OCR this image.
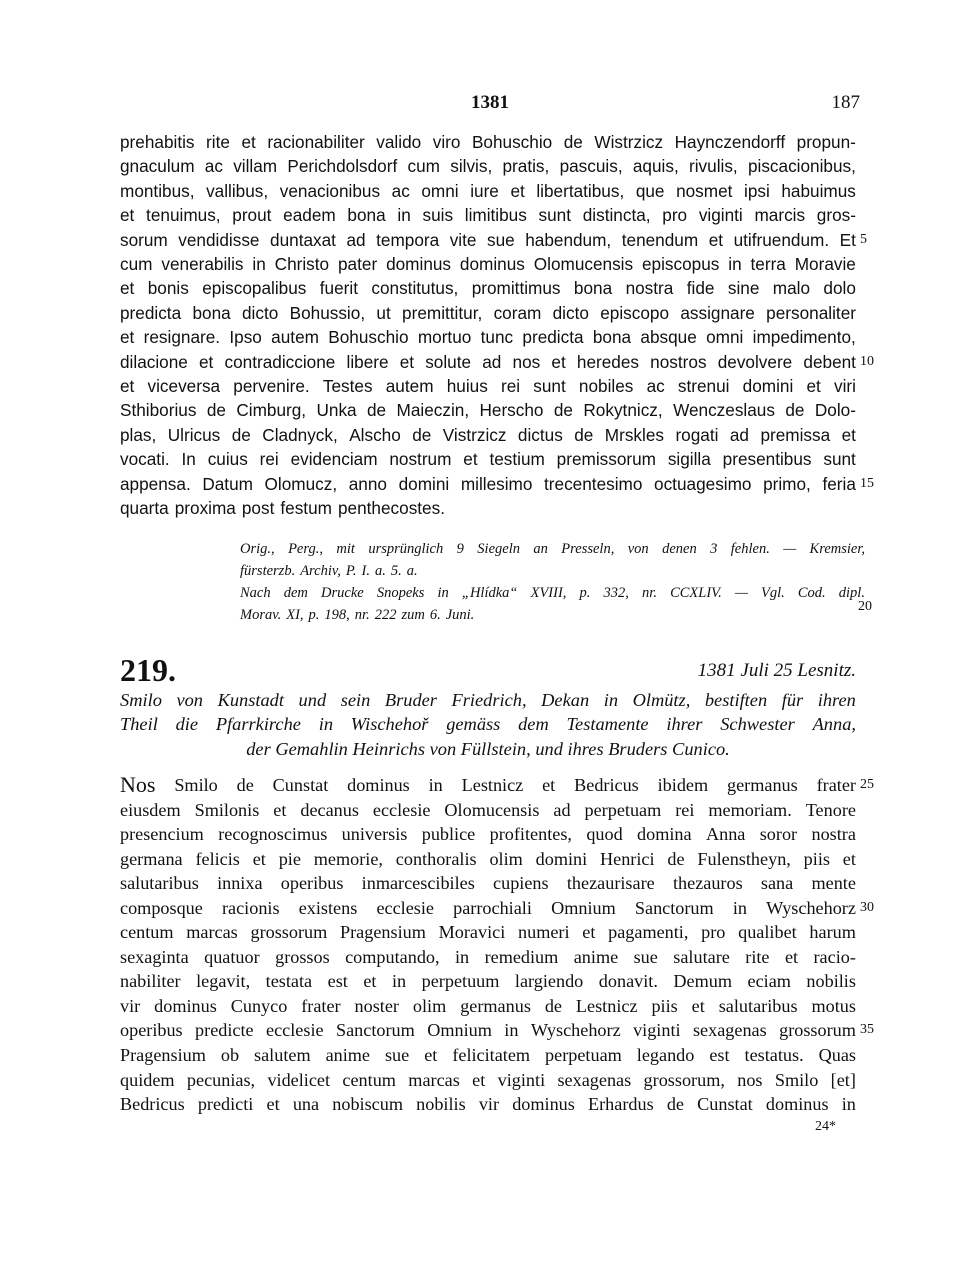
1381	187
prehabitis rite et racionabiliter valido viro Bohuschio de Wistrzicz Haynczendorff propun-
gnaculum ac villam Perichdolsdorf cum silvis, pratis, pascuis, aquis, rivulis, piscacionibus,
montibus, vallibus, venacionibus ac omni iure et libertatibus, que nosmet ipsi habuimus
et tenuimus, prout eadem bona in suis limitibus sunt distincta, pro viginti marcis gros-
sorum vendidisse duntaxat ad tempora vite sue habendum, tenendum et utifruendum. Et 5
cum venerabilis in Christo pater dominus dominus Olomucensis episcopus in terra Moravie
et bonis episcopalibus fuerit constitutus, promittimus bona nostra fide sine malo dolo
predicta bona dicto Bohussio, ut premittitur, coram dicto episcopo assignare personaliter
et resignare. Ipso autem Bohuschio mortuo tunc predicta bona absque omni impedimento,
dilacione et contradiccione libere et solute ad nos et heredes nostros devolvere debent 10
et viceversa pervenire. Testes autem huius rei sunt nobiles ac strenui domini et viri
Sthiborius de Cimburg, Unka de Maieczin, Herscho de Rokytnicz, Wenczeslaus de Dolo-
plas, Ulricus de Cladnyck, Alscho de Vistrzicz dictus de Mrskles rogati ad premissa et
vocati. In cuius rei evidenciam nostrum et testium premissorum sigilla presentibus sunt
appensa. Datum Olomucz, anno domini millesimo trecentesimo octuagesimo primo, feria 15
quarta proxima post festum penthecostes.
Orig., Perg., mit ursprünglich 9 Siegeln an Presseln, von denen 3 fehlen. — Kremsier,
fürsterzb. Archiv, P. I. a. 5. a.
Nach dem Drucke Snopeks in „Hlídka“ XVIII, p. 332, nr. CCXLIV. — Vgl. Cod. dipl.
Morav. XI, p. 198, nr. 222 zum 6. Juni.
20
219.	1381 Juli 25 Lesnitz.
Smilo von Kunstadt und sein Bruder Friedrich, Dekan in Olmütz, bestiften für ihren
Theil die Pfarrkirche in Wischehoř gemäss dem Testamente ihrer Schwester Anna,
der Gemahlin Heinrichs von Füllstein, und ihres Bruders Cunico.
Nos Smilo de Cunstat dominus in Lestnicz et Bedricus ibidem germanus frater 25
eiusdem Smilonis et decanus ecclesie Olomucensis ad perpetuam rei memoriam. Tenore
presencium recognoscimus universis publice profitentes, quod domina Anna soror nostra
germana felicis et pie memorie, conthoralis olim domini Henrici de Fulenstheyn, piis et
salutaribus innixa operibus inmarcescibiles cupiens thezaurisare thezauros sana mente
composque racionis existens ecclesie parrochiali Omnium Sanctorum in Wyschehorz 30
centum marcas grossorum Pragensium Moravici numeri et pagamenti, pro qualibet harum
sexaginta quatuor grossos computando, in remedium anime sue salutare rite et racio-
nabiliter legavit, testata est et in perpetuum largiendo donavit. Demum eciam nobilis
vir dominus Cunyco frater noster olim germanus de Lestnicz piis et salutaribus motus
operibus predicte ecclesie Sanctorum Omnium in Wyschehorz viginti sexagenas grossorum 35
Pragensium ob salutem anime sue et felicitatem perpetuam legando est testatus. Quas
quidem pecunias, videlicet centum marcas et viginti sexagenas grossorum, nos Smilo [et]
Bedricus predicti et una nobiscum nobilis vir dominus Erhardus de Cunstat dominus in
24*
